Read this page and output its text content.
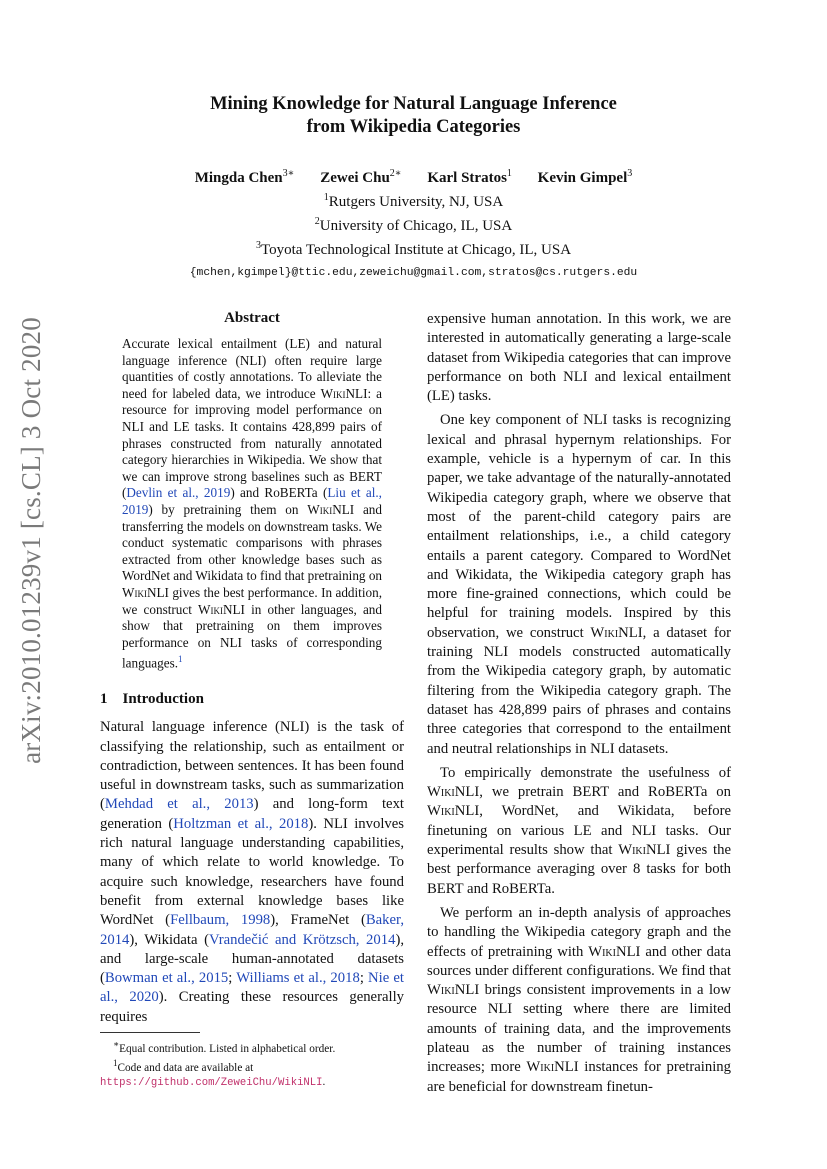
arXiv:2010.01239v1 [cs.CL] 3 Oct 2020
Mining Knowledge for Natural Language Inference
from Wikipedia Categories
Mingda Chen$^{3∗}$ Zewei Chu$^{2∗}$ Karl Stratos$^1$ Kevin Gimpel$^3$
$^1$Rutgers University, NJ, USA
$^2$University of Chicago, IL, USA
$^3$Toyota Technological Institute at Chicago, IL, USA
{mchen,kgimpel}@ttic.edu,zeweichu@gmail.com,stratos@cs.rutgers.edu
Abstract

Accurate lexical entailment (LE) and natural language inference (NLI) often require large quantities of costly annotations. To alleviate the need for labeled data, we introduce WikiNLI: a resource for improving model performance on NLI and LE tasks. It contains 428,899 pairs of phrases constructed from naturally annotated category hierarchies in Wikipedia. We show that we can improve strong baselines such as BERT (Devlin et al., 2019) and RoBERTa (Liu et al., 2019) by pretraining them on WikiNLI and transferring the models on downstream tasks. We conduct systematic comparisons with phrases extracted from other knowledge bases such as WordNet and Wikidata to find that pretraining on WikiNLI gives the best performance. In addition, we construct WikiNLI in other languages, and show that pretraining on them improves performance on NLI tasks of corresponding languages.$^1$

1 Introduction

Natural language inference (NLI) is the task of classifying the relationship, such as entailment or contradiction, between sentences. It has been found useful in downstream tasks, such as summarization (Mehdad et al., 2013) and long-form text generation (Holtzman et al., 2018). NLI involves rich natural language understanding capabilities, many of which relate to world knowledge. To acquire such knowledge, researchers have found benefit from external knowledge bases like WordNet (Fellbaum, 1998), FrameNet (Baker, 2014), Wikidata (Vrandečić and Krötzsch, 2014), and large-scale human-annotated datasets (Bowman et al., 2015; Williams et al., 2018; Nie et al., 2020). Creating these resources generally requires

∗Equal contribution. Listed in alphabetical order.
$^1$Code and data are available at https://github.com/ZeweiChu/WikiNLI.

expensive human annotation. In this work, we are interested in automatically generating a large-scale dataset from Wikipedia categories that can improve performance on both NLI and lexical entailment (LE) tasks.

One key component of NLI tasks is recognizing lexical and phrasal hypernym relationships. For example, vehicle is a hypernym of car. In this paper, we take advantage of the naturally-annotated Wikipedia category graph, where we observe that most of the parent-child category pairs are entailment relationships, i.e., a child category entails a parent category. Compared to WordNet and Wikidata, the Wikipedia category graph has more fine-grained connections, which could be helpful for training models. Inspired by this observation, we construct WikiNLI, a dataset for training NLI models constructed automatically from the Wikipedia category graph, by automatic filtering from the Wikipedia category graph. The dataset has 428,899 pairs of phrases and contains three categories that correspond to the entailment and neutral relationships in NLI datasets.

To empirically demonstrate the usefulness of WikiNLI, we pretrain BERT and RoBERTa on WikiNLI, WordNet, and Wikidata, before finetuning on various LE and NLI tasks. Our experimental results show that WikiNLI gives the best performance averaging over 8 tasks for both BERT and RoBERTa.

We perform an in-depth analysis of approaches to handling the Wikipedia category graph and the effects of pretraining with WikiNLI and other data sources under different configurations. We find that WikiNLI brings consistent improvements in a low resource NLI setting where there are limited amounts of training data, and the improvements plateau as the number of training instances increases; more WikiNLI instances for pretraining are beneficial for downstream finetun-
